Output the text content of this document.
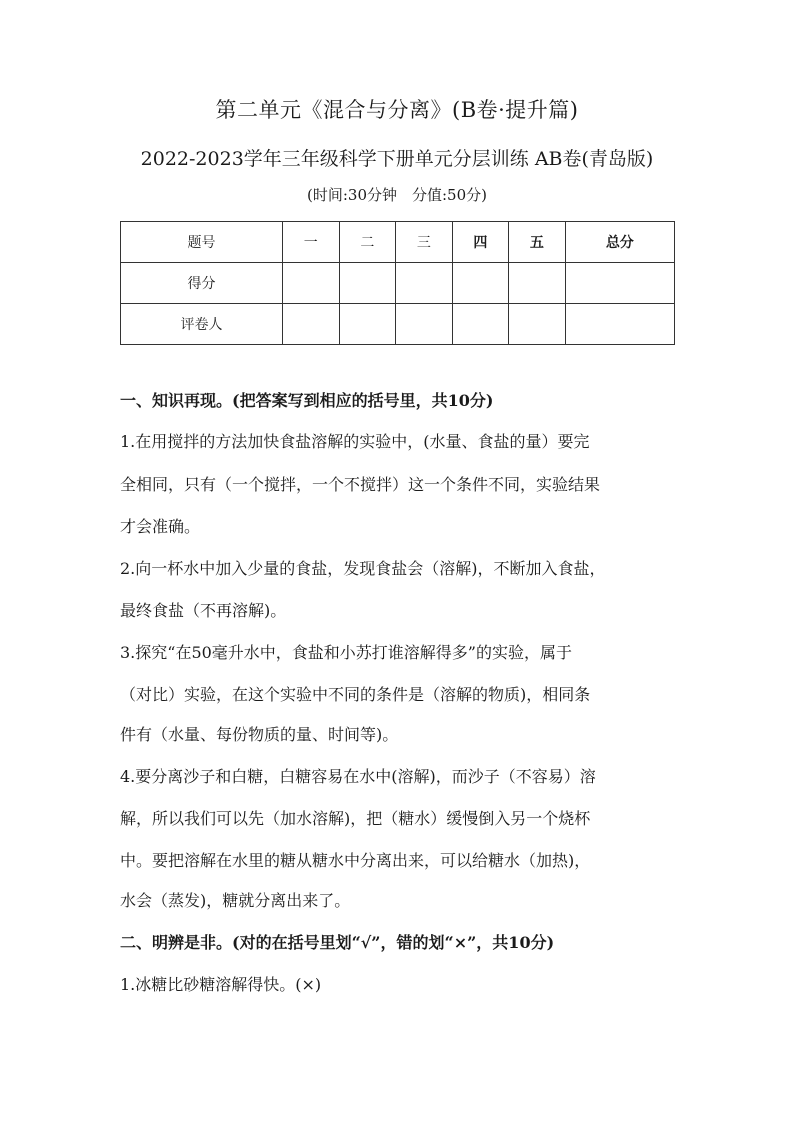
第二单元《混合与分离》(B卷·提升篇)
2022-2023学年三年级科学下册单元分层训练 AB卷(青岛版)
(时间:30分钟　分值:50分)
题号	一	二	三	四	五	总分
得分						
评卷人						
一、知识再现。(把答案写到相应的括号里，共10分)
1.在用搅拌的方法加快食盐溶解的实验中，(水量、食盐的量）要完
全相同，只有（一个搅拌，一个不搅拌）这一个条件不同，实验结果
才会准确。
2.向一杯水中加入少量的食盐，发现食盐会（溶解)，不断加入食盐，
最终食盐（不再溶解)。
3.探究“在50毫升水中，食盐和小苏打谁溶解得多”的实验，属于
（对比）实验，在这个实验中不同的条件是（溶解的物质)，相同条
件有（水量、每份物质的量、时间等)。
4.要分离沙子和白糖，白糖容易在水中(溶解)，而沙子（不容易）溶
解，所以我们可以先（加水溶解)，把（糖水）缓慢倒入另一个烧杯
中。要把溶解在水里的糖从糖水中分离出来，可以给糖水（加热)，
水会（蒸发)，糖就分离出来了。
二、明辨是非。(对的在括号里划“√”，错的划“×”，共10分)
1.冰糖比砂糖溶解得快。(×)
